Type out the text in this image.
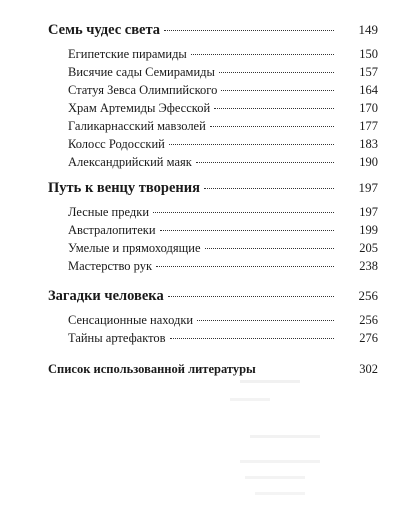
Семь чудес света	149
Египетские пирамиды	150
Висячие сады Семирамиды	157
Статуя Зевса Олимпийского	164
Храм Артемиды Эфесской	170
Галикарнасский мавзолей	177
Колосс Родосский	183
Александрийский маяк	190
Путь к венцу творения	197
Лесные предки	197
Австралопитеки	199
Умелые и прямоходящие	205
Мастерство рук	238
Загадки человека	256
Сенсационные находки	256
Тайны артефактов	276
Список использованной литературы	302
